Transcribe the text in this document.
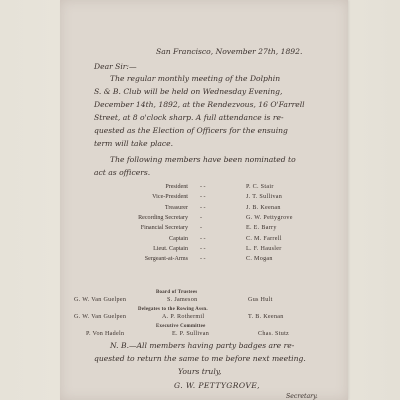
San Francisco, November 27th, 1892.
Dear Sir:—
The regular monthly meeting of the Dolphin
S. & B. Club will be held on Wednesday Evening,
December 14th, 1892, at the Rendezvous, 16 O'Farrell
Street, at 8 o'clock sharp. A full attendance is re-
quested as the Election of Officers for the ensuing
term will take place.
The following members have been nominated to
act as officers.
President - -	P. C. Stair
Vice-President - -	J. T. Sullivan
Treasurer - -	J. B. Keenan
Recording Secretary -	G. W. Pettygrove
Financial Secretary -	E. E. Barry
Captain - -	C. M. Farrell
Lieut. Captain - -	L. F. Hausler
Sergeant-at-Arms - -	C. Mogan
Board of Trustees
G. W. Van Guelpen	S. Jameson	Gus Hult
Delegates to the Rowing Assn.
G. W. Van Guelpen	A. P. Rothermil	T. B. Keenan
Executive Committee
P. Von Hadeln	E. P. Sullivan	Chas. Stutz
N. B.—All members having party badges are re-
quested to return the same to me before next meeting.
Yours truly,
G. W. PETTYGROVE,
Secretary.
